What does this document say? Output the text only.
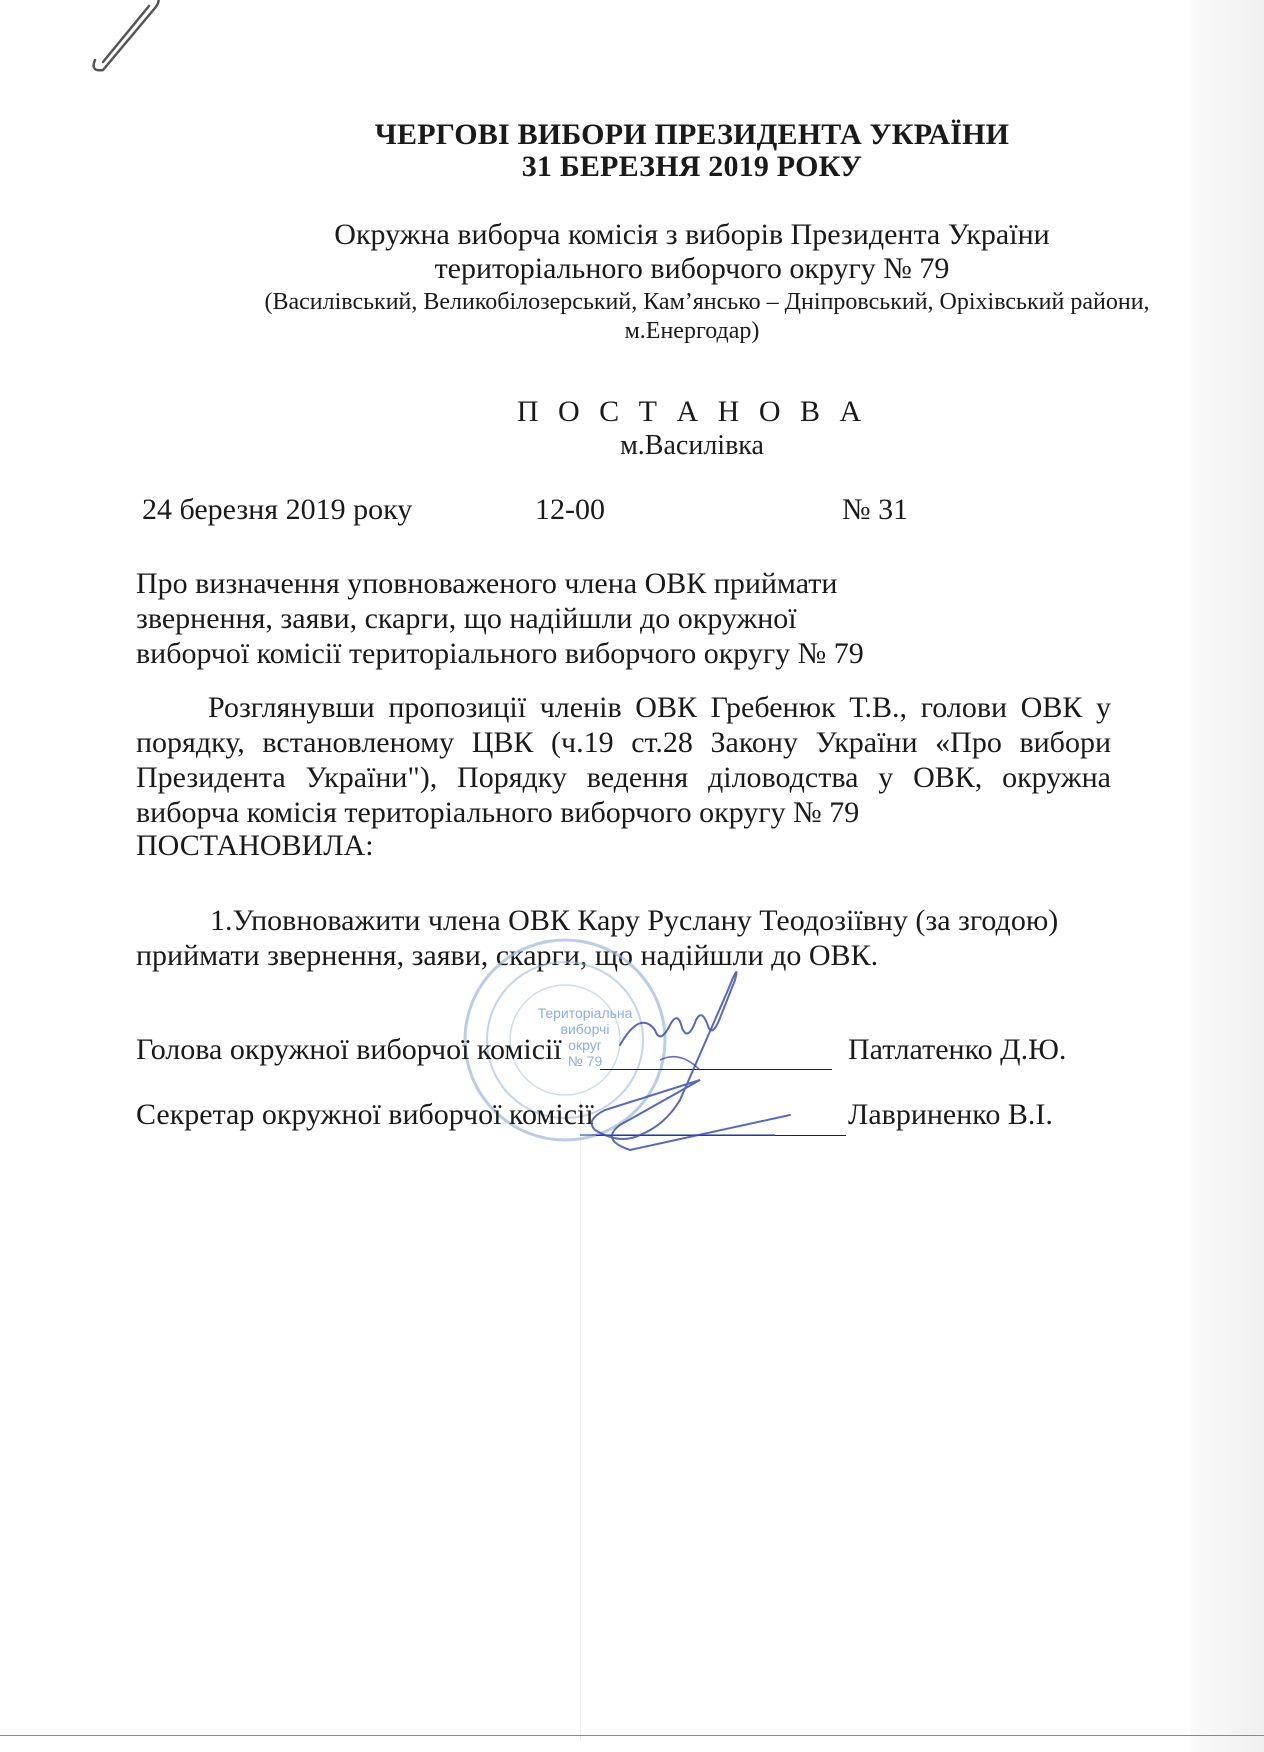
ЧЕРГОВІ ВИБОРИ ПРЕЗИДЕНТА УКРАЇНИ
31 БЕРЕЗНЯ 2019 РОКУ
Окружна виборча комісія з виборів Президента України
територіального виборчого округу № 79
(Василівський, Великобілозерський, Кам’янсько – Дніпровський, Оріхівський райони,
м.Енергодар)
П О С Т А Н О В А
м.Василівка
24 березня 2019 року	12-00	№ 31
Про визначення уповноваженого члена ОВК приймати
звернення, заяви, скарги, що надійшли до окружної
виборчої комісії територіального виборчого округу № 79
Розглянувши пропозиції членів ОВК Гребенюк Т.В., голови ОВК у
порядку, встановленому ЦВК (ч.19 ст.28 Закону України «Про вибори
Президента України"), Порядку ведення діловодства у ОВК, окружна
виборча комісія територіального виборчого округу № 79
ПОСТАНОВИЛА:
1.Уповноважити члена ОВК Кару Руслану Теодозіївну (за згодою)
приймати звернення, заяви, скарги, що надійшли до ОВК.
Територіальна
виборчі
округ
№ 79
Голова окружної виборчої комісії	Патлатенко Д.Ю.
Секретар окружної виборчої комісії	Лавриненко В.І.
